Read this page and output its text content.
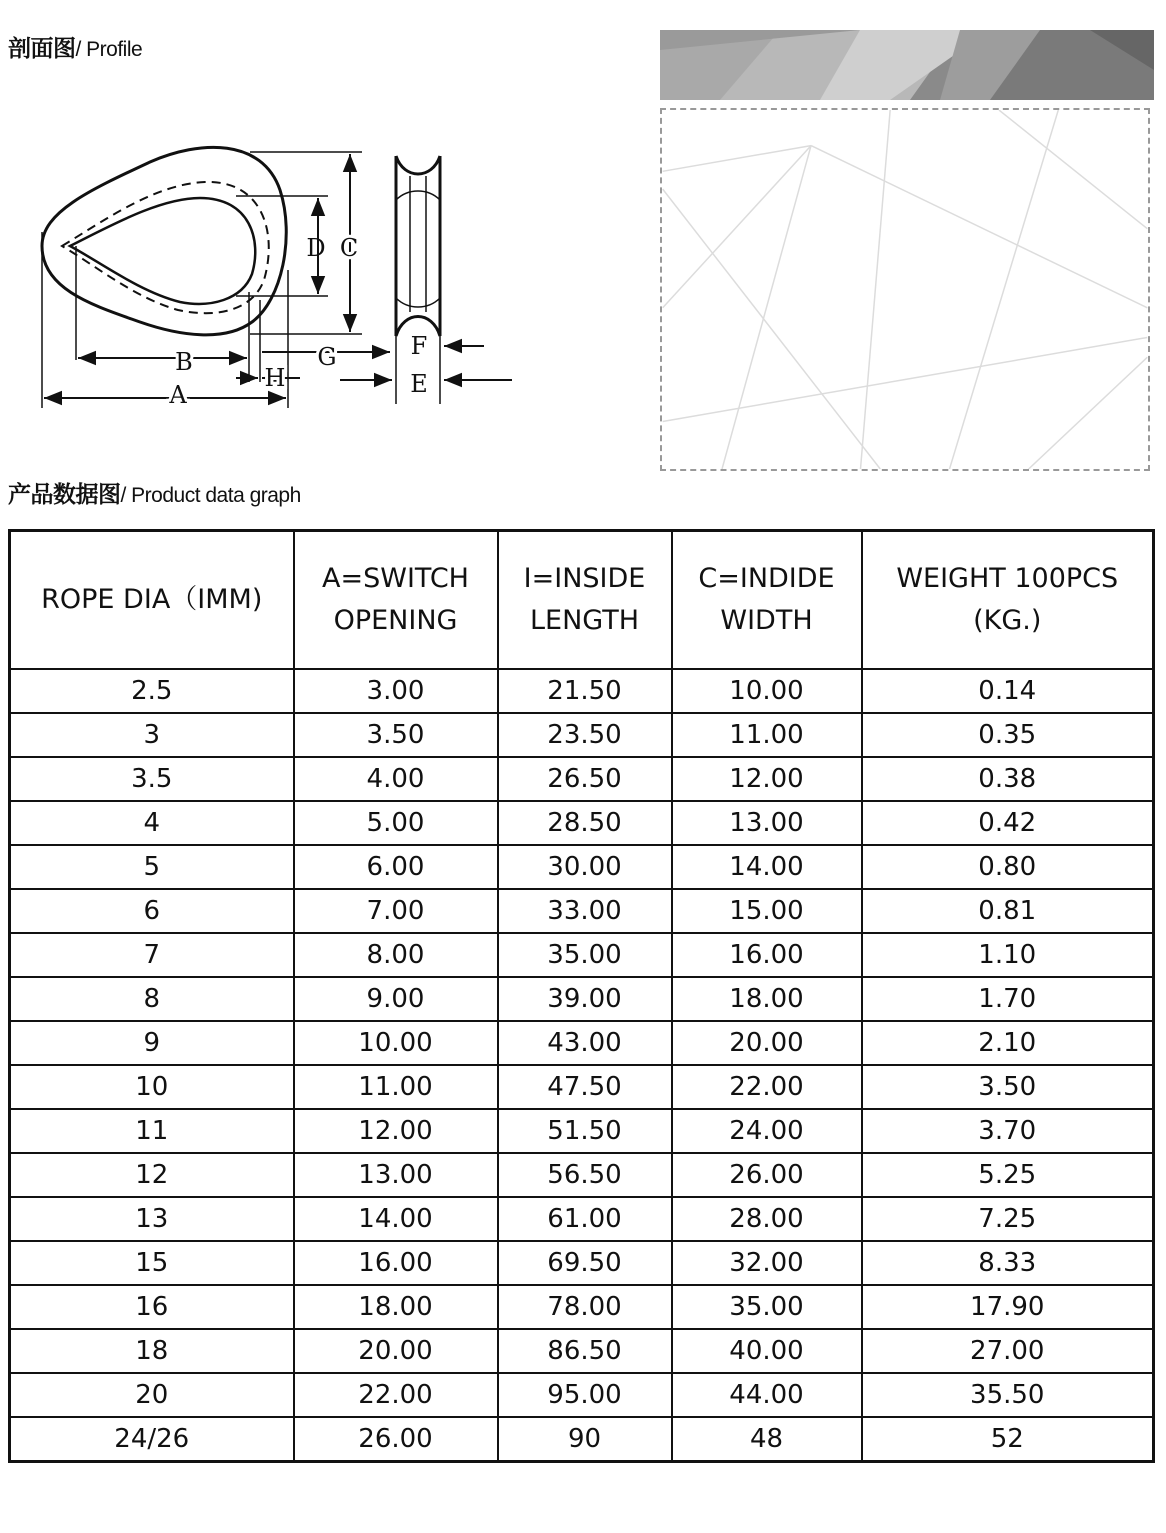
剖面图/ Profile
D C
B
A
H
G	F
E
产品数据图/ Product data graph
ROPE DIA（IMM)	A=SWITCH OPENING	I=INSIDE LENGTH	C=INDIDE WIDTH	WEIGHT 100PCS (KG.)
2.5	3.00	21.50	10.00	0.14
3	3.50	23.50	11.00	0.35
3.5	4.00	26.50	12.00	0.38
4	5.00	28.50	13.00	0.42
5	6.00	30.00	14.00	0.80
6	7.00	33.00	15.00	0.81
7	8.00	35.00	16.00	1.10
8	9.00	39.00	18.00	1.70
9	10.00	43.00	20.00	2.10
10	11.00	47.50	22.00	3.50
11	12.00	51.50	24.00	3.70
12	13.00	56.50	26.00	5.25
13	14.00	61.00	28.00	7.25
15	16.00	69.50	32.00	8.33
16	18.00	78.00	35.00	17.90
18	20.00	86.50	40.00	27.00
20	22.00	95.00	44.00	35.50
24/26	26.00	90	48	52
